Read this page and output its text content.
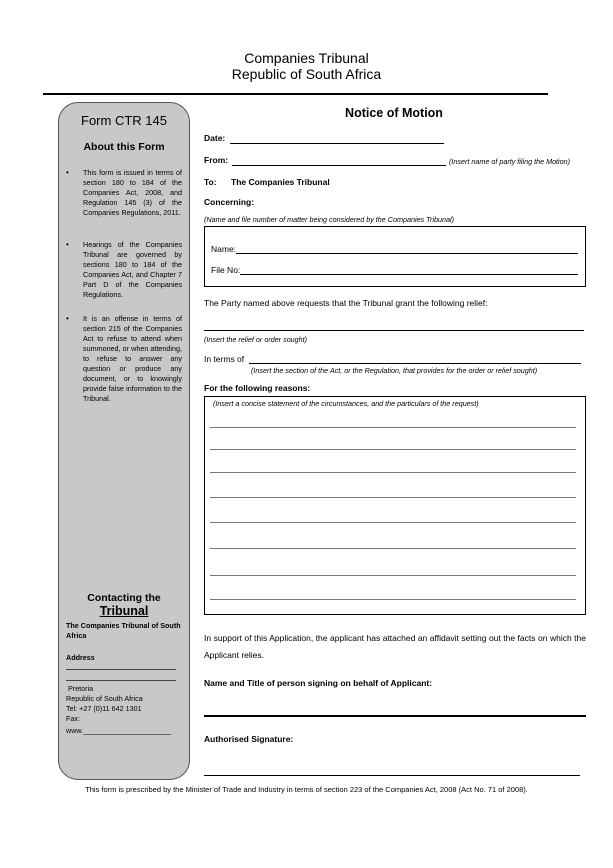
Companies Tribunal
Republic of South Africa
Form CTR 145
About this Form
• This form is issued in terms of section 180 to 184 of the Companies Act, 2008, and Regulation 145 (3) of the Companies Regulations, 2011.
• Hearings of the Companies Tribunal are governed by sections 180 to 184 of the Companies Act, and Chapter 7 Part D of the Companies Regulations.
• It is an offense in terms of section 215 of the Companies Act to refuse to attend when summoned, or when attending, to refuse to answer any question or produce any document, or to knowingly provide false information to the Tribunal.
Contacting the
Tribunal
The Companies Tribunal of South Africa
Address
Pretoria
Republic of South Africa
Tel: +27 (0)11 642 1301
Fax:
www.______________________
Notice of Motion
Date:
From:	(Insert name of party filing the Motion)
To: The Companies Tribunal
Concerning:
(Name and file number of matter being considered by the Companies Tribunal)
Name:
File No:
The Party named above requests that the Tribunal grant the following relief:
(Insert the relief or order sought)
In terms of
(Insert the section of the Act, or the Regulation, that provides for the order or relief sought)
For the following reasons:
(Insert a concise statement of the circumstances, and the particulars of the request)
In support of this Application, the applicant has attached an affidavit setting out the facts on which the Applicant relies.
Name and Title of person signing on behalf of Applicant:
Authorised Signature:
This form is prescribed by the Minister of Trade and Industry in terms of section 223 of the Companies Act, 2008 (Act No. 71 of 2008).
